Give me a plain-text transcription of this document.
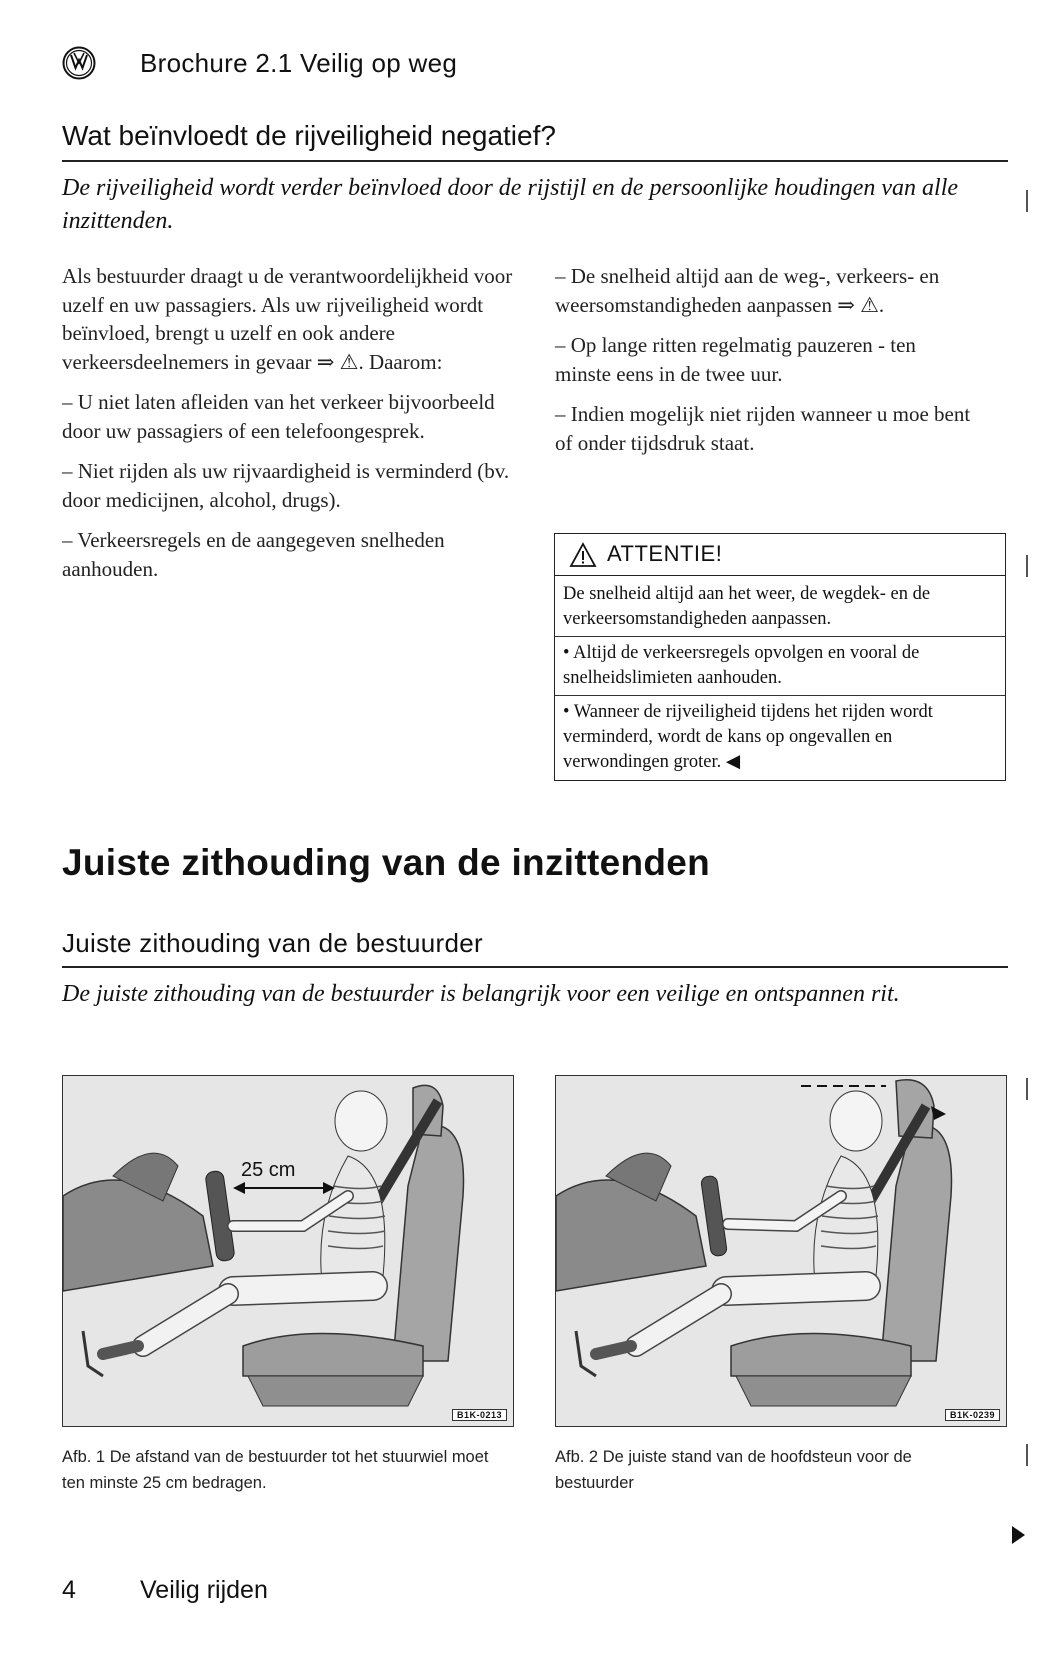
Brochure 2.1 Veilig op weg
Wat beïnvloedt de rijveiligheid negatief?
De rijveiligheid wordt verder beïnvloed door de rijstijl en de persoonlijke houdingen van alle inzittenden.

Als bestuurder draagt u de verantwoordelijkheid voor uzelf en uw passagiers. Als uw rijveiligheid wordt beïnvloed, brengt u uzelf en ook andere verkeersdeelnemers in gevaar ⇒ ⚠. Daarom:

– U niet laten afleiden van het verkeer bijvoorbeeld door uw passagiers of een telefoongesprek.

– Niet rijden als uw rijvaardigheid is verminderd (bv. door medicijnen, alcohol, drugs).

– Verkeersregels en de aangegeven snelheden aanhouden.

– De snelheid altijd aan de weg-, verkeers- en weersomstandigheden aanpassen ⇒ ⚠.

– Op lange ritten regelmatig pauzeren - ten minste eens in de twee uur.

– Indien mogelijk niet rijden wanneer u moe bent of onder tijdsdruk staat.

ATTENTIE!
De snelheid altijd aan het weer, de wegdek- en de verkeersomstandigheden aanpassen.
• Altijd de verkeersregels opvolgen en vooral de snelheidslimieten aanhouden.
• Wanneer de rijveiligheid tijdens het rijden wordt verminderd, wordt de kans op ongevallen en verwondingen groter. ◀
Juiste zithouding van de inzittenden
Juiste zithouding van de bestuurder
De juiste zithouding van de bestuurder is belangrijk voor een veilige en ontspannen rit.
25 cm
B1K-0213
Afb. 1 De afstand van de bestuurder tot het stuurwiel moet ten minste 25 cm bedragen.
B1K-0239
Afb. 2 De juiste stand van de hoofdsteun voor de bestuurder
4	Veilig rijden
